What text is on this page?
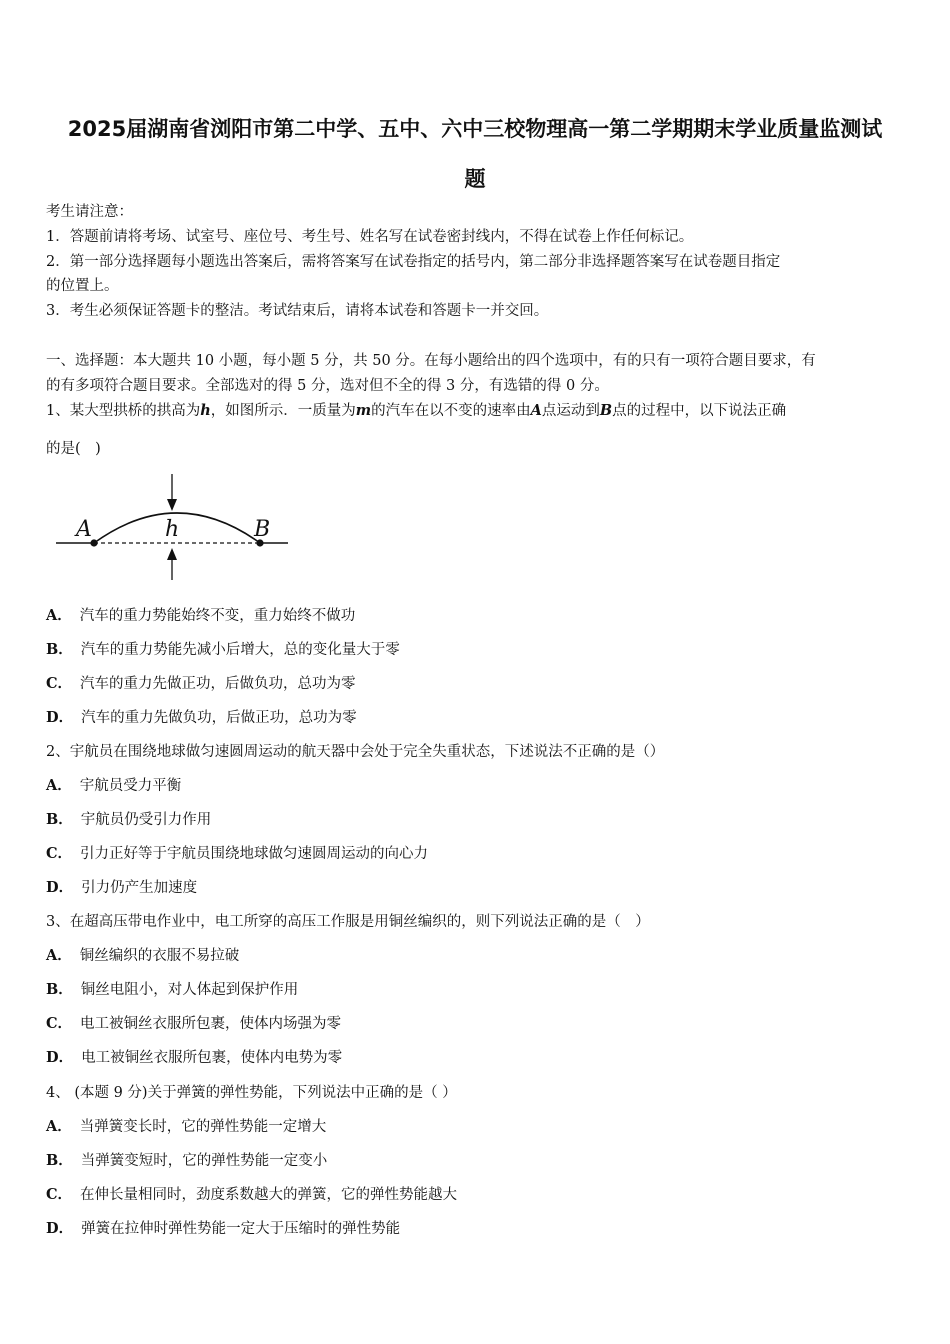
2025届湖南省浏阳市第二中学、五中、六中三校物理高一第二学期期末学业质量监测试
题
考生请注意：
1．答题前请将考场、试室号、座位号、考生号、姓名写在试卷密封线内，不得在试卷上作任何标记。
2．第一部分选择题每小题选出答案后，需将答案写在试卷指定的括号内，第二部分非选择题答案写在试卷题目指定
的位置上。
3．考生必须保证答题卡的整洁。考试结束后，请将本试卷和答题卡一并交回。
一、选择题：本大题共 10 小题，每小题 5 分，共 50 分。在每小题给出的四个选项中，有的只有一项符合题目要求，有
的有多项符合题目要求。全部选对的得 5 分，选对但不全的得 3 分，有选错的得 0 分。
1、某大型拱桥的拱高为h，如图所示．一质量为m的汽车在以不变的速率由A点运动到B点的过程中，以下说法正确
的是(　)
A	h	B
A． 汽车的重力势能始终不变，重力始终不做功
B． 汽车的重力势能先减小后增大，总的变化量大于零
C． 汽车的重力先做正功，后做负功，总功为零
D． 汽车的重力先做负功，后做正功，总功为零
2、宇航员在围绕地球做匀速圆周运动的航天器中会处于完全失重状态，下述说法不正确的是（）
A． 宇航员受力平衡
B． 宇航员仍受引力作用
C． 引力正好等于宇航员围绕地球做匀速圆周运动的向心力
D． 引力仍产生加速度
3、在超高压带电作业中，电工所穿的高压工作服是用铜丝编织的，则下列说法正确的是（　）
A． 铜丝编织的衣服不易拉破
B． 铜丝电阻小，对人体起到保护作用
C． 电工被铜丝衣服所包裹，使体内场强为零
D． 电工被铜丝衣服所包裹，使体内电势为零
4、 (本题 9 分)关于弹簧的弹性势能，下列说法中正确的是（ ）
A． 当弹簧变长时，它的弹性势能一定增大
B． 当弹簧变短时，它的弹性势能一定变小
C． 在伸长量相同时，劲度系数越大的弹簧，它的弹性势能越大
D． 弹簧在拉伸时弹性势能一定大于压缩时的弹性势能
